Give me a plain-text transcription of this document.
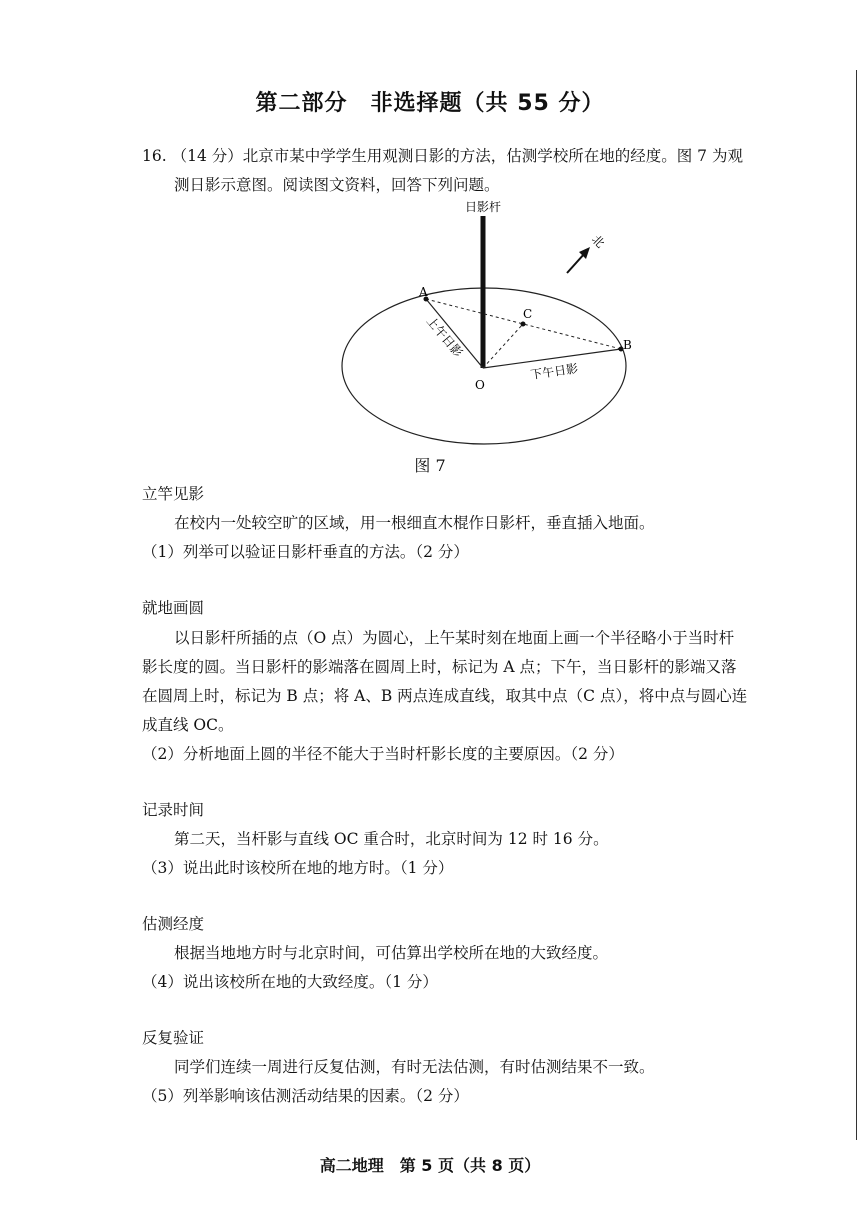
第二部分　非选择题（共 55 分）
16. （14 分）北京市某中学学生用观测日影的方法，估测学校所在地的经度。图 7 为观
测日影示意图。阅读图文资料，回答下列问题。
日影杆
A
C
B
O
上午日影
下午日影
北
图 7
立竿见影
在校内一处较空旷的区域，用一根细直木棍作日影杆，垂直插入地面。
（1）列举可以验证日影杆垂直的方法。（2 分）
就地画圆
以日影杆所插的点（O 点）为圆心，上午某时刻在地面上画一个半径略小于当时杆
影长度的圆。当日影杆的影端落在圆周上时，标记为 A 点；下午，当日影杆的影端又落
在圆周上时，标记为 B 点；将 A、B 两点连成直线，取其中点（C 点），将中点与圆心连
成直线 OC。
（2）分析地面上圆的半径不能大于当时杆影长度的主要原因。（2 分）
记录时间
第二天，当杆影与直线 OC 重合时，北京时间为 12 时 16 分。
（3）说出此时该校所在地的地方时。（1 分）
估测经度
根据当地地方时与北京时间，可估算出学校所在地的大致经度。
（4）说出该校所在地的大致经度。（1 分）
反复验证
同学们连续一周进行反复估测，有时无法估测，有时估测结果不一致。
（5）列举影响该估测活动结果的因素。（2 分）
高二地理　第 5 页（共 8 页）
